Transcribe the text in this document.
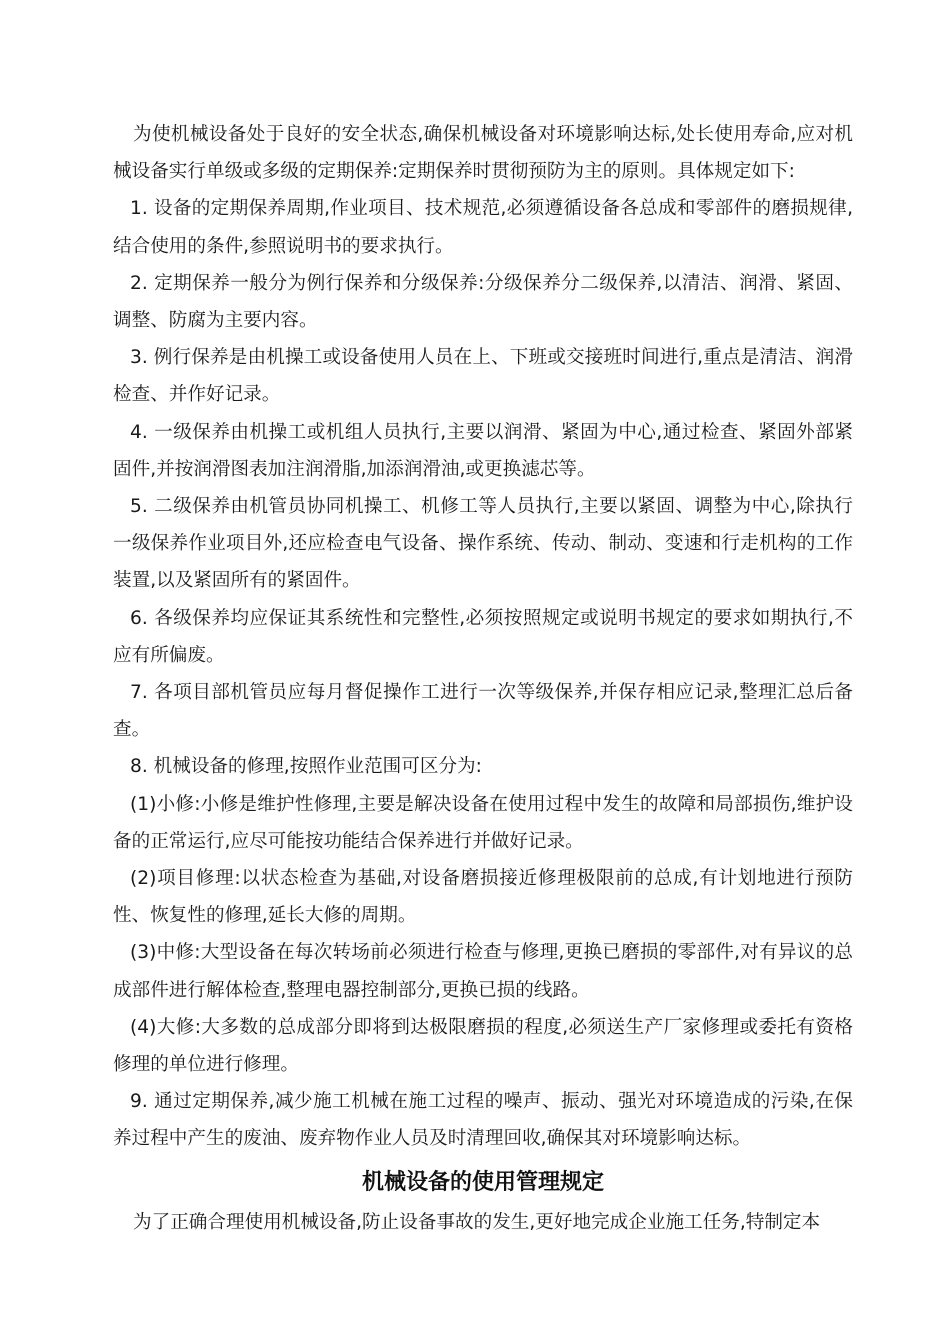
为使机械设备处于良好的安全状态,确保机械设备对环境影响达标,处长使用寿命,应对机械设备实行单级或多级的定期保养:定期保养时贯彻预防为主的原则。具体规定如下:

1. 设备的定期保养周期,作业项目、技术规范,必须遵循设备各总成和零部件的磨损规律,结合使用的条件,参照说明书的要求执行。

2. 定期保养一般分为例行保养和分级保养:分级保养分二级保养,以清洁、润滑、紧固、调整、防腐为主要内容。

3. 例行保养是由机操工或设备使用人员在上、下班或交接班时间进行,重点是清洁、润滑检查、并作好记录。

4. 一级保养由机操工或机组人员执行,主要以润滑、紧固为中心,通过检查、紧固外部紧固件,并按润滑图表加注润滑脂,加添润滑油,或更换滤芯等。

5. 二级保养由机管员协同机操工、机修工等人员执行,主要以紧固、调整为中心,除执行一级保养作业项目外,还应检查电气设备、操作系统、传动、制动、变速和行走机构的工作装置,以及紧固所有的紧固件。

6. 各级保养均应保证其系统性和完整性,必须按照规定或说明书规定的要求如期执行,不应有所偏废。

7. 各项目部机管员应每月督促操作工进行一次等级保养,并保存相应记录,整理汇总后备查。

8. 机械设备的修理,按照作业范围可区分为:

(1)小修:小修是维护性修理,主要是解决设备在使用过程中发生的故障和局部损伤,维护设备的正常运行,应尽可能按功能结合保养进行并做好记录。

(2)项目修理:以状态检查为基础,对设备磨损接近修理极限前的总成,有计划地进行预防性、恢复性的修理,延长大修的周期。

(3)中修:大型设备在每次转场前必须进行检查与修理,更换已磨损的零部件,对有异议的总成部件进行解体检查,整理电器控制部分,更换已损的线路。

(4)大修:大多数的总成部分即将到达极限磨损的程度,必须送生产厂家修理或委托有资格修理的单位进行修理。

9. 通过定期保养,减少施工机械在施工过程的噪声、振动、强光对环境造成的污染,在保养过程中产生的废油、废弃物作业人员及时清理回收,确保其对环境影响达标。

机械设备的使用管理规定

为了正确合理使用机械设备,防止设备事故的发生,更好地完成企业施工任务,特制定本
